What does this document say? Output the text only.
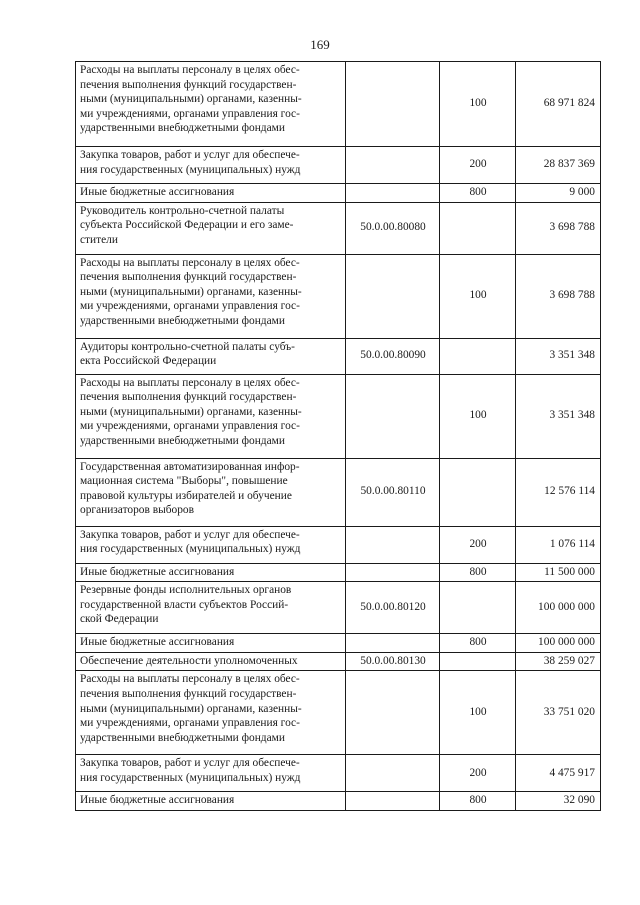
169
Расходы на выплаты персоналу в целях обес-
печения выполнения функций государствен-
ными (муниципальными) органами, казенны-
ми учреждениями, органами управления гос-
ударственными внебюджетными фондами		100	68 971 824
Закупка товаров, работ и услуг для обеспече-
ния государственных (муниципальных) нужд		200	28 837 369
Иные бюджетные ассигнования		800	9 000
Руководитель контрольно-счетной палаты
субъекта Российской Федерации и его заме-
стители	50.0.00.80080		3 698 788
Расходы на выплаты персоналу в целях обес-
печения выполнения функций государствен-
ными (муниципальными) органами, казенны-
ми учреждениями, органами управления гос-
ударственными внебюджетными фондами		100	3 698 788
Аудиторы контрольно-счетной палаты субъ-
екта Российской Федерации	50.0.00.80090		3 351 348
Расходы на выплаты персоналу в целях обес-
печения выполнения функций государствен-
ными (муниципальными) органами, казенны-
ми учреждениями, органами управления гос-
ударственными внебюджетными фондами		100	3 351 348
Государственная автоматизированная инфор-
мационная система "Выборы", повышение
правовой культуры избирателей и обучение
организаторов выборов	50.0.00.80110		12 576 114
Закупка товаров, работ и услуг для обеспече-
ния государственных (муниципальных) нужд		200	1 076 114
Иные бюджетные ассигнования		800	11 500 000
Резервные фонды исполнительных органов
государственной власти субъектов Россий-
ской Федерации	50.0.00.80120		100 000 000
Иные бюджетные ассигнования		800	100 000 000
Обеспечение деятельности уполномоченных	50.0.00.80130		38 259 027
Расходы на выплаты персоналу в целях обес-
печения выполнения функций государствен-
ными (муниципальными) органами, казенны-
ми учреждениями, органами управления гос-
ударственными внебюджетными фондами		100	33 751 020
Закупка товаров, работ и услуг для обеспече-
ния государственных (муниципальных) нужд		200	4 475 917
Иные бюджетные ассигнования		800	32 090
